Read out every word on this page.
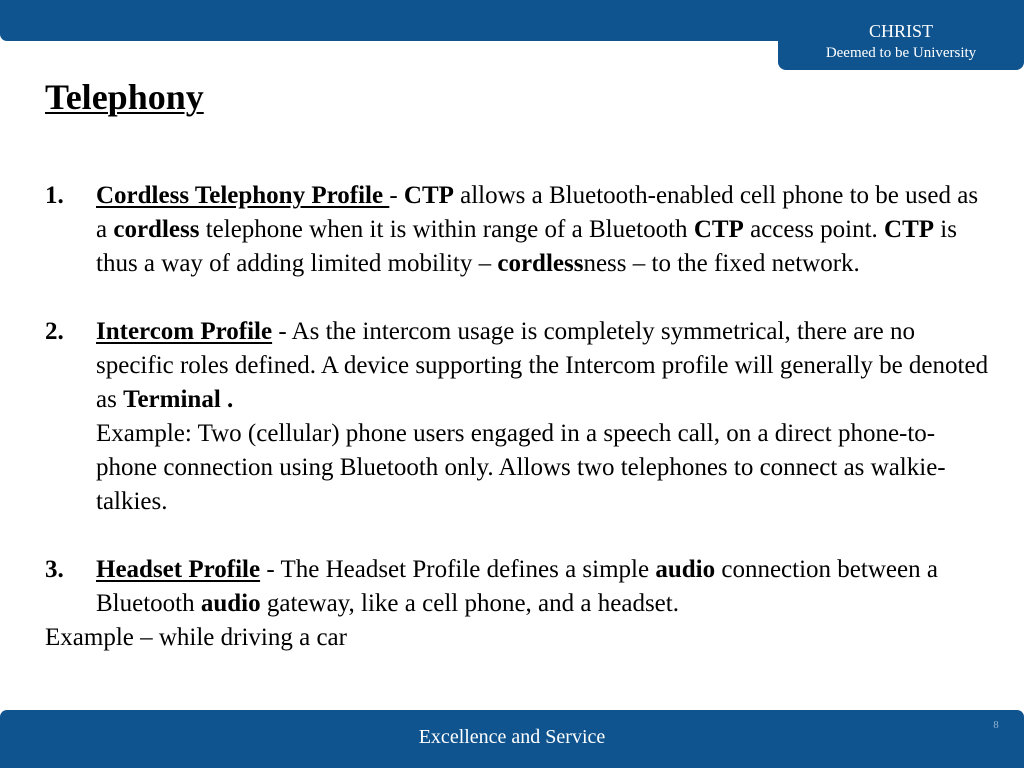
CHRIST
Deemed to be University
Telephony
1. Cordless Telephony Profile - CTP allows a Bluetooth-enabled cell phone to be used as a cordless telephone when it is within range of a Bluetooth CTP access point. CTP is thus a way of adding limited mobility – cordlessness – to the fixed network.
2. Intercom Profile - As the intercom usage is completely symmetrical, there are no specific roles defined. A device supporting the Intercom profile will generally be denoted as Terminal .
Example: Two (cellular) phone users engaged in a speech call, on a direct phone-to-phone connection using Bluetooth only. Allows two telephones to connect as walkie-talkies.
3. Headset Profile - The Headset Profile defines a simple audio connection between a Bluetooth audio gateway, like a cell phone, and a headset.
Example – while driving a car
Excellence and Service
8
